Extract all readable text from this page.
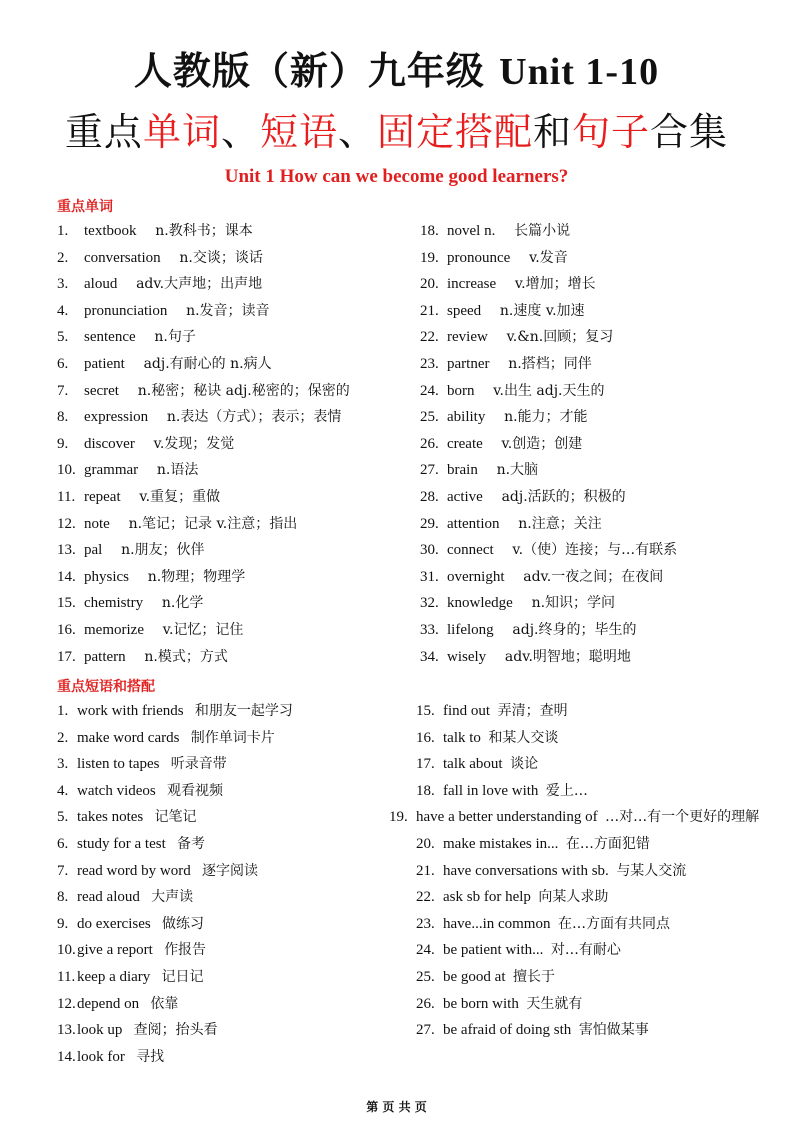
人教版（新）九年级 Unit 1-10
重点单词、短语、固定搭配和句子合集
Unit 1 How can we become good learners?
重点单词
1. textbook n.教科书；课本
2. conversation n.交谈；谈话
3. aloud adv.大声地；出声地
4. pronunciation n.发音；读音
5. sentence n.句子
6. patient adj.有耐心的 n.病人
7. secret n.秘密；秘诀 adj.秘密的；保密的
8. expression n.表达（方式）；表示；表情
9. discover v.发现；发觉
10. grammar n.语法
11. repeat v.重复；重做
12. note n.笔记；记录 v.注意；指出
13. pal n.朋友；伙伴
14. physics n.物理；物理学
15. chemistry n.化学
16. memorize v.记忆；记住
17. pattern n.模式；方式
18. novel n. 长篇小说
19. pronounce v.发音
20. increase v.增加；增长
21. speed n.速度 v.加速
22. review v.&n.回顾；复习
23. partner n.搭档；同伴
24. born v.出生 adj.天生的
25. ability n.能力；才能
26. create v.创造；创建
27. brain n.大脑
28. active adj.活跃的；积极的
29. attention n.注意；关注
30. connect v.（使）连接；与…有联系
31. overnight adv.一夜之间；在夜间
32. knowledge n.知识；学问
33. lifelong adj.终身的；毕生的
34. wisely adv.明智地；聪明地
重点短语和搭配
1. work with friends 和朋友一起学习
2. make word cards 制作单词卡片
3. listen to tapes 听录音带
4. watch videos 观看视频
5. takes notes 记笔记
6. study for a test 备考
7. read word by word 逐字阅读
8. read aloud 大声读
9. do exercises 做练习
10.give a report 作报告
11. keep a diary 记日记
12.depend on 依靠
13.look up 查阅；抬头看
14.look for 寻找
15. find out 弄清；查明
16. talk to 和某人交谈
17. talk about 谈论
18. fall in love with 爱上…
19. have a better understanding of …对…有一个更好的理解
20. make mistakes in... 在…方面犯错
21. have conversations with sb. 与某人交流
22. ask sb for help 向某人求助
23. have...in common 在…方面有共同点
24. be patient with... 对…有耐心
25. be good at 擅长于
26. be born with 天生就有
27. be afraid of doing sth 害怕做某事
第 页 共 页
